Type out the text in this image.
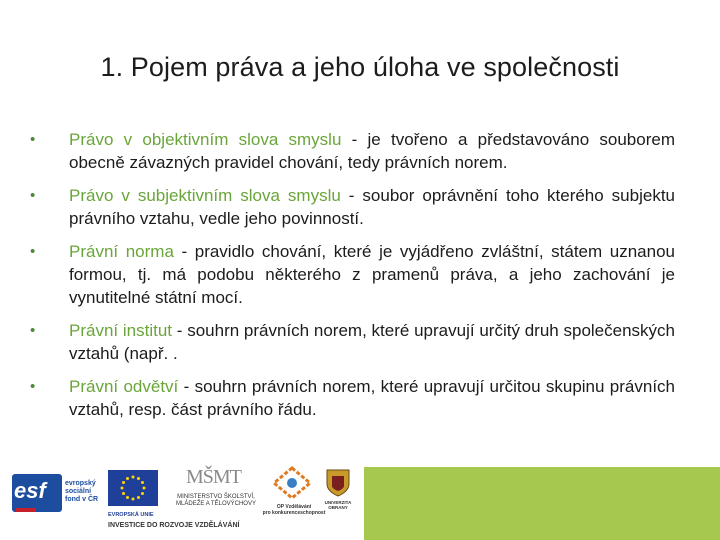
1. Pojem práva a jeho úloha ve společnosti
• Právo v objektivním slova smyslu - je tvořeno a představováno souborem obecně závazných pravidel chování, tedy právních norem.
• Právo v subjektivním slova smyslu - soubor oprávnění toho kterého subjektu právního vztahu, vedle jeho povinností.
• Právní norma - pravidlo chování, které je vyjádřeno zvláštní, státem uznanou formou, tj. má podobu některého z pramenů práva, a jeho zachování je vynutitelné státní mocí.
• Právní institut - souhrn právních norem, které upravují určitý druh společenských vztahů (např. .
• Právní odvětví - souhrn právních norem, které upravují určitou skupinu právních vztahů, resp. část právního řádu.
esf	evropský
sociální
fond v ČR
EVROPSKÁ UNIE
MŠMT
MINISTERSTVO ŠKOLSTVÍ,
MLÁDEŽE A TĚLOVÝCHOVY	OP Vzdělávání
pro konkurenceschopnost
UNIVERZITA
OBRANY
INVESTICE DO ROZVOJE VZDĚLÁVÁNÍ
